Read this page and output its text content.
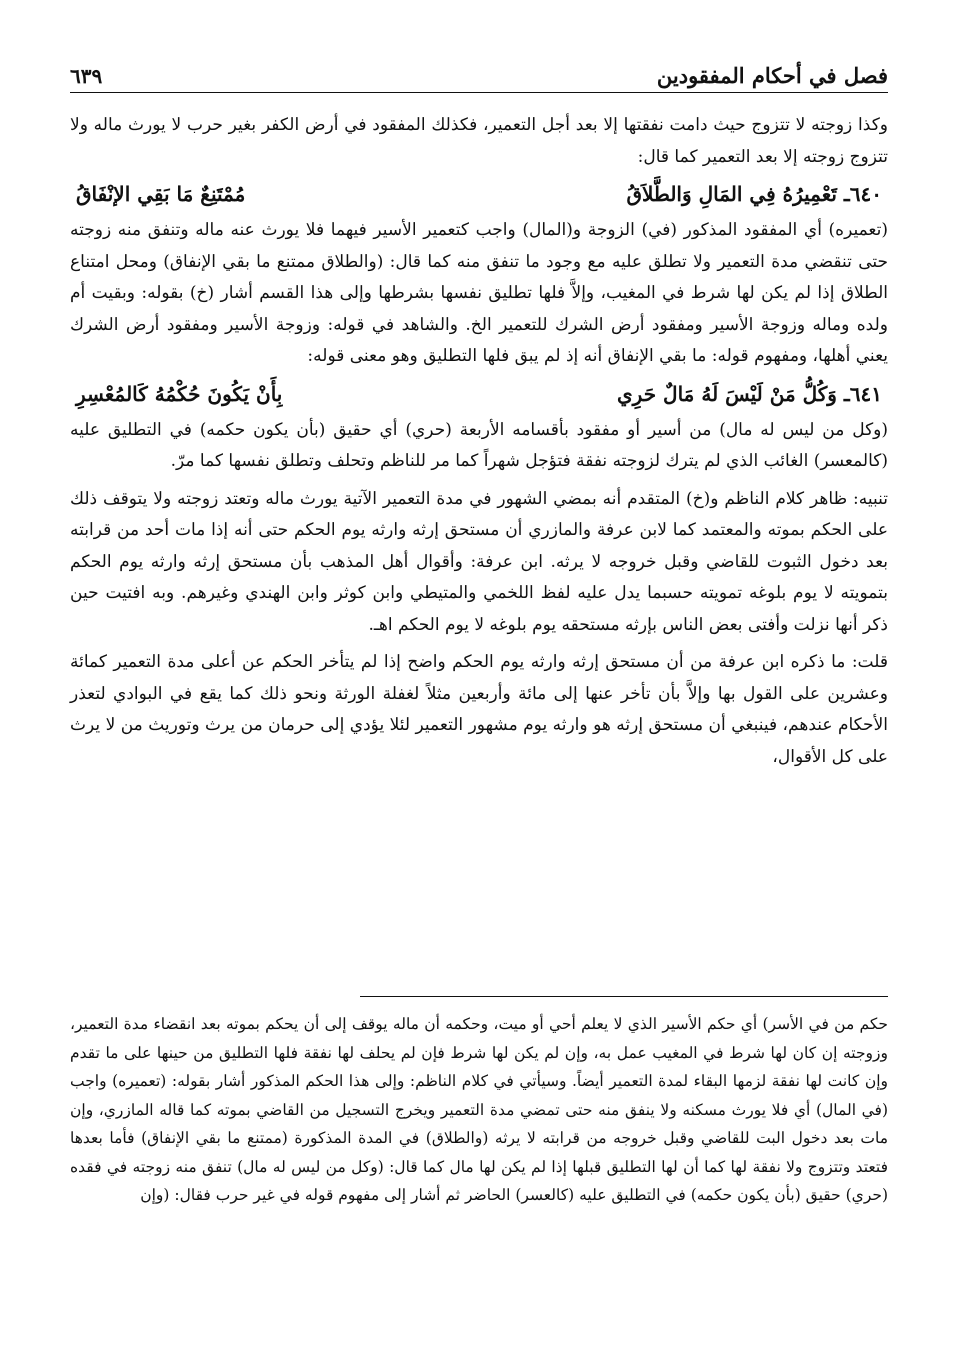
فصل في أحكام المفقودين
٦٣٩

وكذا زوجته لا تتزوج حيث دامت نفقتها إلا بعد أجل التعمير، فكذلك المفقود في أرض الكفر بغير حرب لا يورث ماله ولا تتزوج زوجته إلا بعد التعمير كما قال:

٦٤٠ـ تَعْمِيرُهُ فِي المَالِ وَالطَّلاَقُ
مُمْتَنِعٌ مَا بَقِي الإنْفَاقُ

(تعميره) أي المفقود المذكور (في) الزوجة و(المال) واجب كتعمير الأسير فيهما فلا يورث عنه ماله وتنفق منه زوجته حتى تنقضي مدة التعمير ولا تطلق عليه مع وجود ما تنفق منه كما قال: (والطلاق ممتنع ما بقي الإنفاق) ومحل امتناع الطلاق إذا لم يكن لها شرط في المغيب، وإلاَّ فلها تطليق نفسها بشرطها وإلى هذا القسم أشار (خ) بقوله: وبقيت أم ولده وماله وزوجة الأسير ومفقود أرض الشرك للتعمير الخ. والشاهد في قوله: وزوجة الأسير ومفقود أرض الشرك يعني أهلها، ومفهوم قوله: ما بقي الإنفاق أنه إذ لم يبق فلها التطليق وهو معنى قوله:

٦٤١ـ وَكُلُّ مَنْ لَيْسَ لَهُ مَالٌ حَرِي
بِأَنْ يَكُونَ حُكْمُهُ كَالمُعْسِرِ

(وكل من ليس له مال) من أسير أو مفقود بأقسامه الأربعة (حري) أي حقيق (بأن يكون حكمه) في التطليق عليه (كالمعسر) الغائب الذي لم يترك لزوجته نفقة فتؤجل شهراً كما مر للناظم وتحلف وتطلق نفسها كما مرّ.

تنبيه: ظاهر كلام الناظم و(خ) المتقدم أنه بمضي الشهور في مدة التعمير الآتية يورث ماله وتعتد زوجته ولا يتوقف ذلك على الحكم بموته والمعتمد كما لابن عرفة والمازري أن مستحق إرثه وارثه يوم الحكم حتى أنه إذا مات أحد من قرابته بعد دخول الثبوت للقاضي وقبل خروجه لا يرثه. ابن عرفة: وأقوال أهل المذهب بأن مستحق إرثه وارثه يوم الحكم بتمويته لا يوم بلوغه تمويته حسبما يدل عليه لفظ اللخمي والمتيطي وابن كوثر وابن الهندي وغيرهم. وبه افتيت حين ذكر أنها نزلت وأفتى بعض الناس بإرثه مستحقه يوم بلوغه لا يوم الحكم اهـ.

قلت: ما ذكره ابن عرفة من أن مستحق إرثه وارثه يوم الحكم واضح إذا لم يتأخر الحكم عن أعلى مدة التعمير كمائة وعشرين على القول بها وإلاَّ بأن تأخر عنها إلى مائة وأربعين مثلاً لغفلة الورثة ونحو ذلك كما يقع في البوادي لتعذر الأحكام عندهم، فينبغي أن مستحق إرثه هو وارثه يوم مشهور التعمير لئلا يؤدي إلى حرمان من يرث وتوريث من لا يرث على كل الأقوال،

حكم من في الأسر) أي حكم الأسير الذي لا يعلم أحي أو ميت، وحكمه أن ماله يوقف إلى أن يحكم بموته بعد انقضاء مدة التعمير، وزوجته إن كان لها شرط في المغيب عمل به، وإن لم يكن لها شرط فإن لم يحلف لها نفقة فلها التطليق من حينها على ما تقدم وإن كانت لها نفقة لزمها البقاء لمدة التعمير أيضاً. وسيأتي في كلام الناظم: وإلى هذا الحكم المذكور أشار بقوله: (تعميره) واجب (في المال) أي فلا يورث مسكنه ولا ينفق منه حتى تمضي مدة التعمير ويخرج التسجيل من القاضي بموته كما قاله المازري، وإن مات بعد دخول البت للقاضي وقبل خروجه من قرابته لا يرثه (والطلاق) في المدة المذكورة (ممتنع ما بقي الإنفاق) فأما بعدها فتعتد وتتزوج ولا نفقة لها كما أن لها التطليق قبلها إذا لم يكن لها مال كما قال: (وكل من ليس له مال) تنفق منه زوجته في فقده (حري) حقيق (بأن يكون حكمه) في التطليق عليه (كالعسر) الحاضر ثم أشار إلى مفهوم قوله في غير حرب فقال: (وإن
